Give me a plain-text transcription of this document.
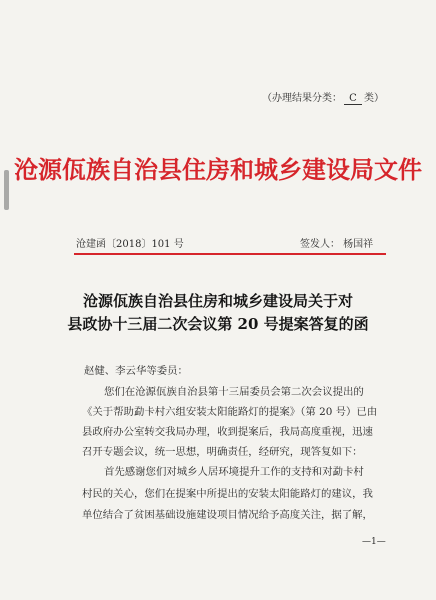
（办理结果分类： C 类）
沧源佤族自治县住房和城乡建设局文件
沧建函〔2018〕101 号	签发人： 杨国祥
沧源佤族自治县住房和城乡建设局关于对
县政协十三届二次会议第 20 号提案答复的函
赵健、李云华等委员：
您们在沧源佤族自治县第十三届委员会第二次会议提出的
《关于帮助勐卡村六组安装太阳能路灯的提案》（第 20 号）已由
县政府办公室转交我局办理，收到提案后，我局高度重视，迅速
召开专题会议，统一思想，明确责任，经研究，现答复如下：
首先感谢您们对城乡人居环境提升工作的支持和对勐卡村
村民的关心，您们在提案中所提出的安装太阳能路灯的建议，我
单位结合了贫困基础设施建设项目情况给予高度关注，据了解，
—1—
